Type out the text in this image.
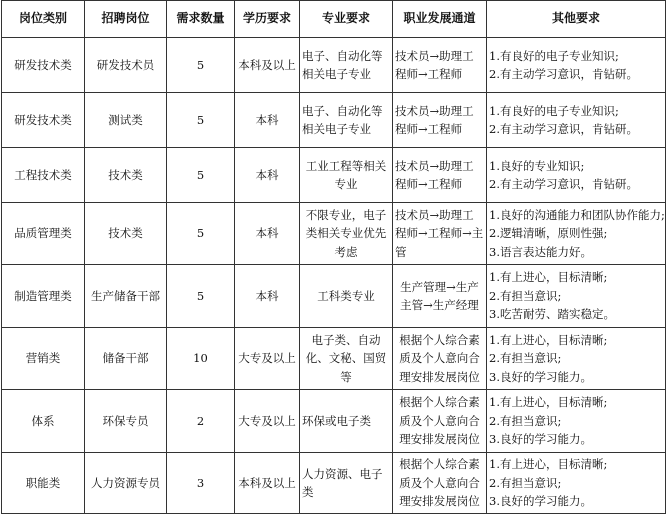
岗位类别	招聘岗位	需求数量	学历要求	专业要求	职业发展通道	其他要求
研发技术类	研发技术员	5	本科及以上	电子、自动化等相关电子专业	技术员→助理工程师→工程师	1.有良好的电子专业知识;
2.有主动学习意识，肯钻研。

研发技术类	测试类	5	本科	电子、自动化等相关电子专业	技术员→助理工程师→工程师	1.有良好的电子专业知识;
2.有主动学习意识，肯钻研。

工程技术类	技术类	5	本科	工业工程等相关专业	技术员→助理工程师→工程师	1.良好的专业知识;
2.有主动学习意识，肯钻研。

品质管理类	技术类	5	本科	不限专业，电子类相关专业优先考虑	技术员→助理工程师→工程师→主管	1.良好的沟通能力和团队协作能力;
2.逻辑清晰，原则性强;
3.语言表达能力好。

制造管理类	生产储备干部	5	本科	工科类专业	生产管理→生产主管→生产经理	1.有上进心，目标清晰;
2.有担当意识;
3.吃苦耐劳、踏实稳定。

营销类	储备干部	10	大专及以上	电子类、自动化、文秘、国贸等	根据个人综合素质及个人意向合理安排发展岗位	1.有上进心，目标清晰;
2.有担当意识;
3.良好的学习能力。

体系	环保专员	2	大专及以上	环保或电子类	根据个人综合素质及个人意向合理安排发展岗位	1.有上进心，目标清晰;
2.有担当意识;
3.良好的学习能力。

职能类	人力资源专员	3	本科及以上	人力资源、电子类	根据个人综合素质及个人意向合理安排发展岗位	1.有上进心，目标清晰;
2.有担当意识;
3.良好的学习能力。
